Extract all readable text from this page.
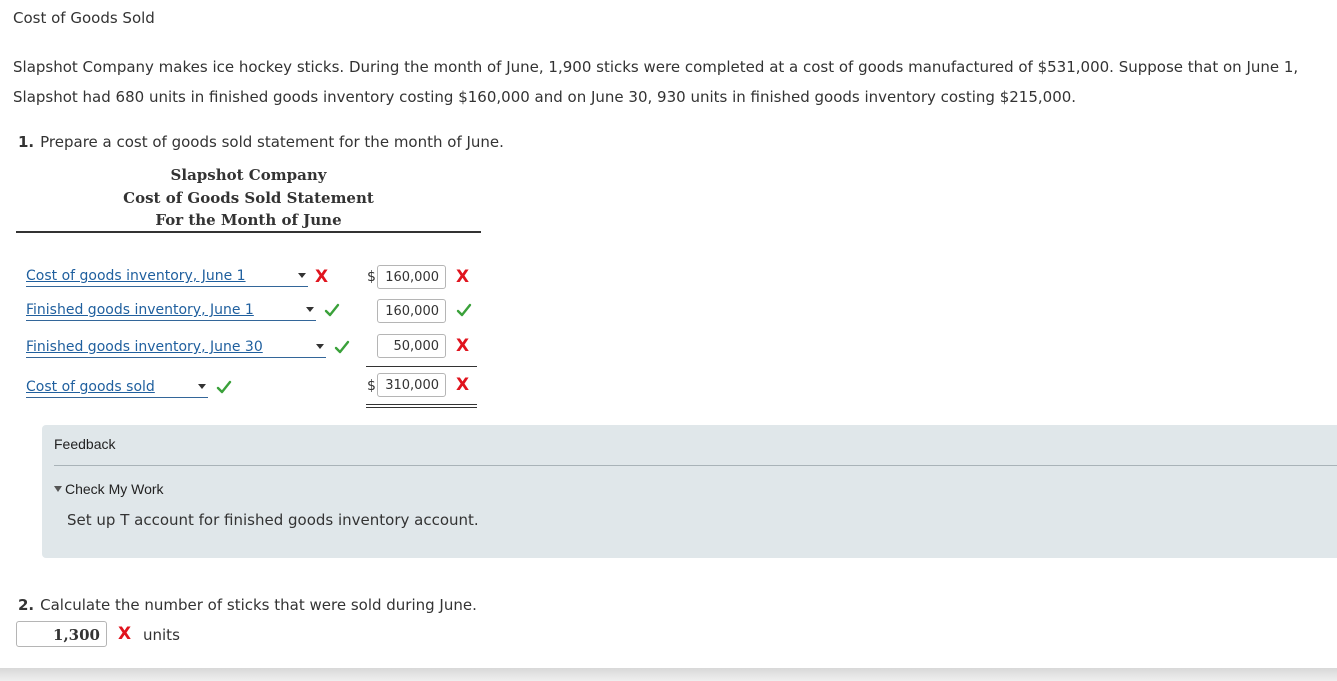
Cost of Goods Sold
Slapshot Company makes ice hockey sticks. During the month of June, 1,900 sticks were completed at a cost of goods manufactured of $531,000. Suppose that on June 1, Slapshot had 680 units in finished goods inventory costing $160,000 and on June 30, 930 units in finished goods inventory costing $215,000.
1. Prepare a cost of goods sold statement for the month of June.
Slapshot Company
Cost of Goods Sold Statement
For the Month of June
Cost of goods inventory, June 1	X	$ 160,000	X
Finished goods inventory, June 1	160,000
Finished goods inventory, June 30	50,000	X
Cost of goods sold	$ 310,000	X
Feedback
Check My Work
Set up T account for finished goods inventory account.
2. Calculate the number of sticks that were sold during June.
1,300	X units
